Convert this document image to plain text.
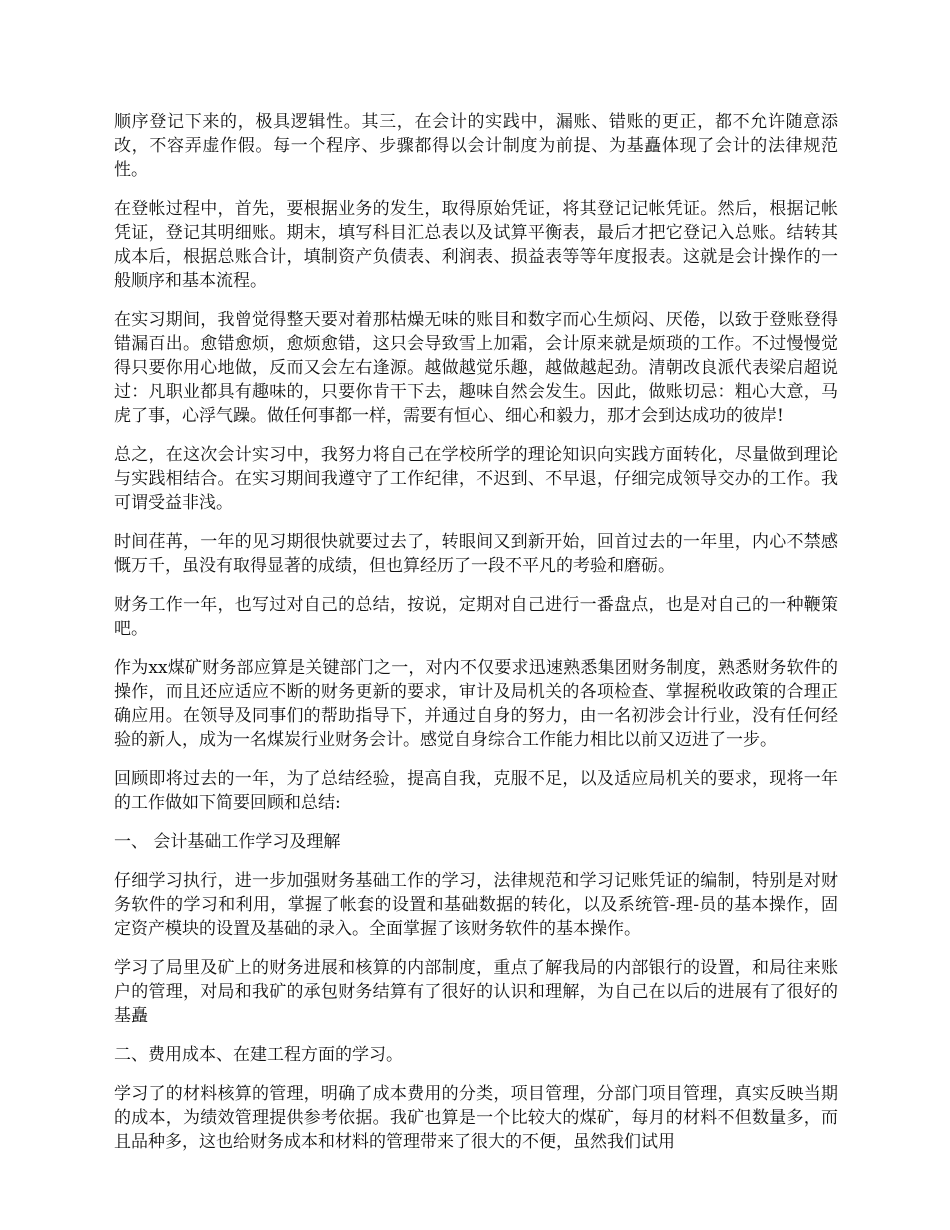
顺序登记下来的，极具逻辑性。其三，在会计的实践中，漏账、错账的更正，都不允许随意添改，不容弄虚作假。每一个程序、步骤都得以会计制度为前提、为基矗体现了会计的法律规范性。

在登帐过程中，首先，要根据业务的发生，取得原始凭证，将其登记记帐凭证。然后，根据记帐凭证，登记其明细账。期末，填写科目汇总表以及试算平衡表，最后才把它登记入总账。结转其成本后，根据总账合计，填制资产负债表、利润表、损益表等等年度报表。这就是会计操作的一般顺序和基本流程。

在实习期间，我曾觉得整天要对着那枯燥无味的账目和数字而心生烦闷、厌倦，以致于登账登得错漏百出。愈错愈烦，愈烦愈错，这只会导致雪上加霜，会计原来就是烦琐的工作。不过慢慢觉得只要你用心地做，反而又会左右逢源。越做越觉乐趣，越做越起劲。清朝改良派代表梁启超说过：凡职业都具有趣味的，只要你肯干下去，趣味自然会发生。因此，做账切忌：粗心大意，马虎了事，心浮气躁。做任何事都一样，需要有恒心、细心和毅力，那才会到达成功的彼岸!

总之，在这次会计实习中，我努力将自己在学校所学的理论知识向实践方面转化，尽量做到理论与实践相结合。在实习期间我遵守了工作纪律，不迟到、不早退，仔细完成领导交办的工作。我可谓受益非浅。

时间荏苒，一年的见习期很快就要过去了，转眼间又到新开始，回首过去的一年里，内心不禁感慨万千，虽没有取得显著的成绩，但也算经历了一段不平凡的考验和磨砺。

财务工作一年，也写过对自己的总结，按说，定期对自己进行一番盘点，也是对自己的一种鞭策吧。

作为xx煤矿财务部应算是关键部门之一，对内不仅要求迅速熟悉集团财务制度，熟悉财务软件的操作，而且还应适应不断的财务更新的要求，审计及局机关的各项检查、掌握税收政策的合理正确应用。在领导及同事们的帮助指导下，并通过自身的努力，由一名初涉会计行业，没有任何经验的新人，成为一名煤炭行业财务会计。感觉自身综合工作能力相比以前又迈进了一步。

回顾即将过去的一年，为了总结经验，提高自我，克服不足，以及适应局机关的要求，现将一年的工作做如下简要回顾和总结:

一、 会计基础工作学习及理解

仔细学习执行，进一步加强财务基础工作的学习，法律规范和学习记账凭证的编制，特别是对财务软件的学习和利用，掌握了帐套的设置和基础数据的转化，以及系统管-理-员的基本操作，固定资产模块的设置及基础的录入。全面掌握了该财务软件的基本操作。

学习了局里及矿上的财务进展和核算的内部制度，重点了解我局的内部银行的设置，和局往来账户的管理，对局和我矿的承包财务结算有了很好的认识和理解，为自己在以后的进展有了很好的基矗

二、费用成本、在建工程方面的学习。

学习了的材料核算的管理，明确了成本费用的分类，项目管理，分部门项目管理，真实反映当期的成本，为绩效管理提供参考依据。我矿也算是一个比较大的煤矿，每月的材料不但数量多，而且品种多，这也给财务成本和材料的管理带来了很大的不便，虽然我们试用
